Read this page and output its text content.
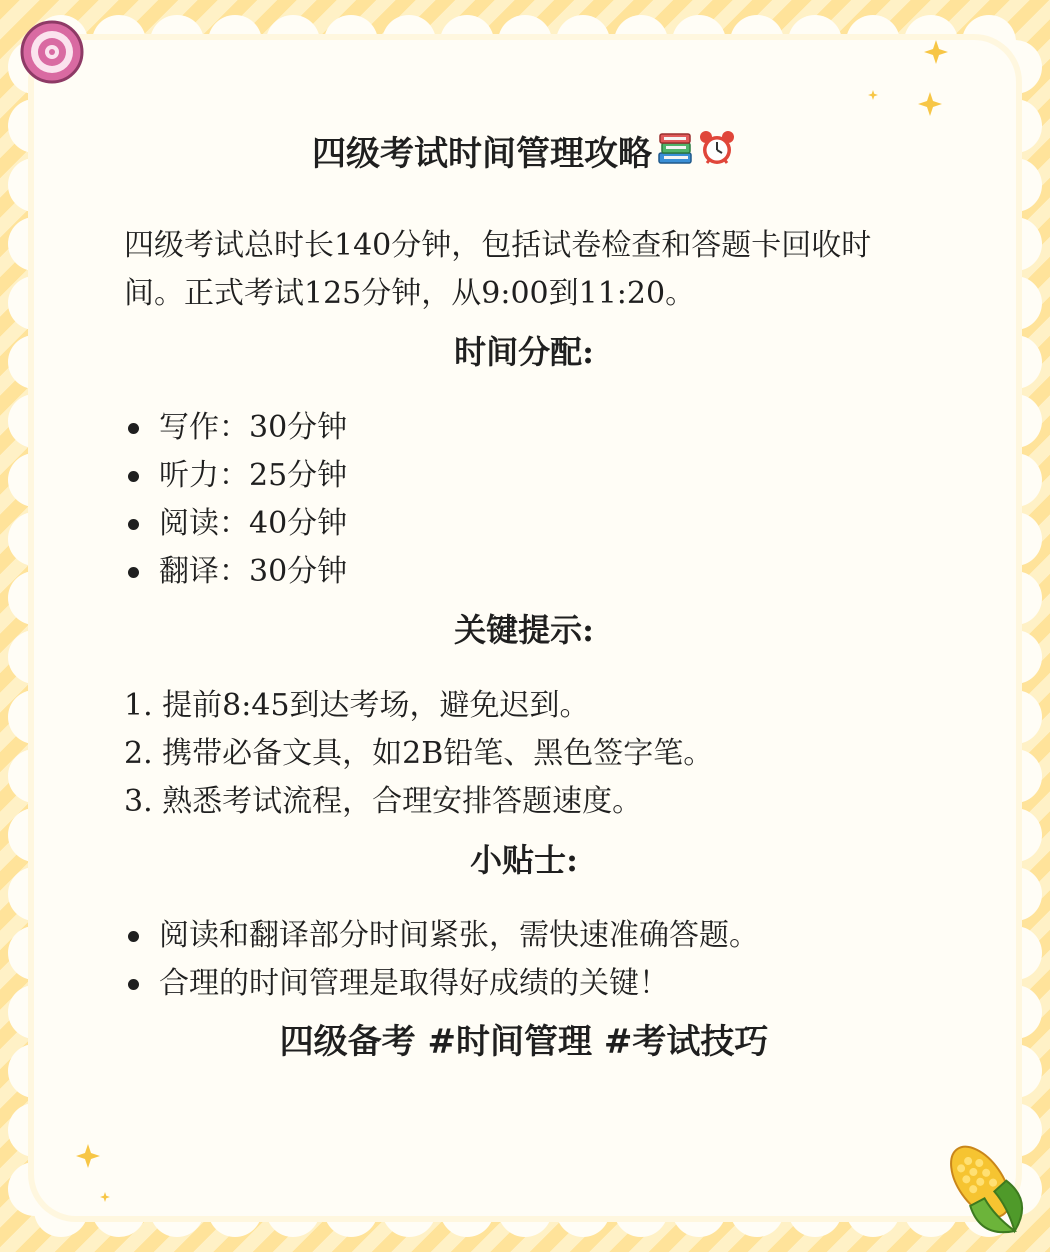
四级考试时间管理攻略

四级考试总时长140分钟，包括试卷检查和答题卡回收时间。正式考试125分钟，从9:00到11:20。

时间分配:
写作：30分钟
听力：25分钟
阅读：40分钟
翻译：30分钟
关键提示:
1. 提前8:45到达考场，避免迟到。
2. 携带必备文具，如2B铅笔、黑色签字笔。
3. 熟悉考试流程，合理安排答题速度。
小贴士:
阅读和翻译部分时间紧张，需快速准确答题。
合理的时间管理是取得好成绩的关键！
四级备考 #时间管理 #考试技巧
